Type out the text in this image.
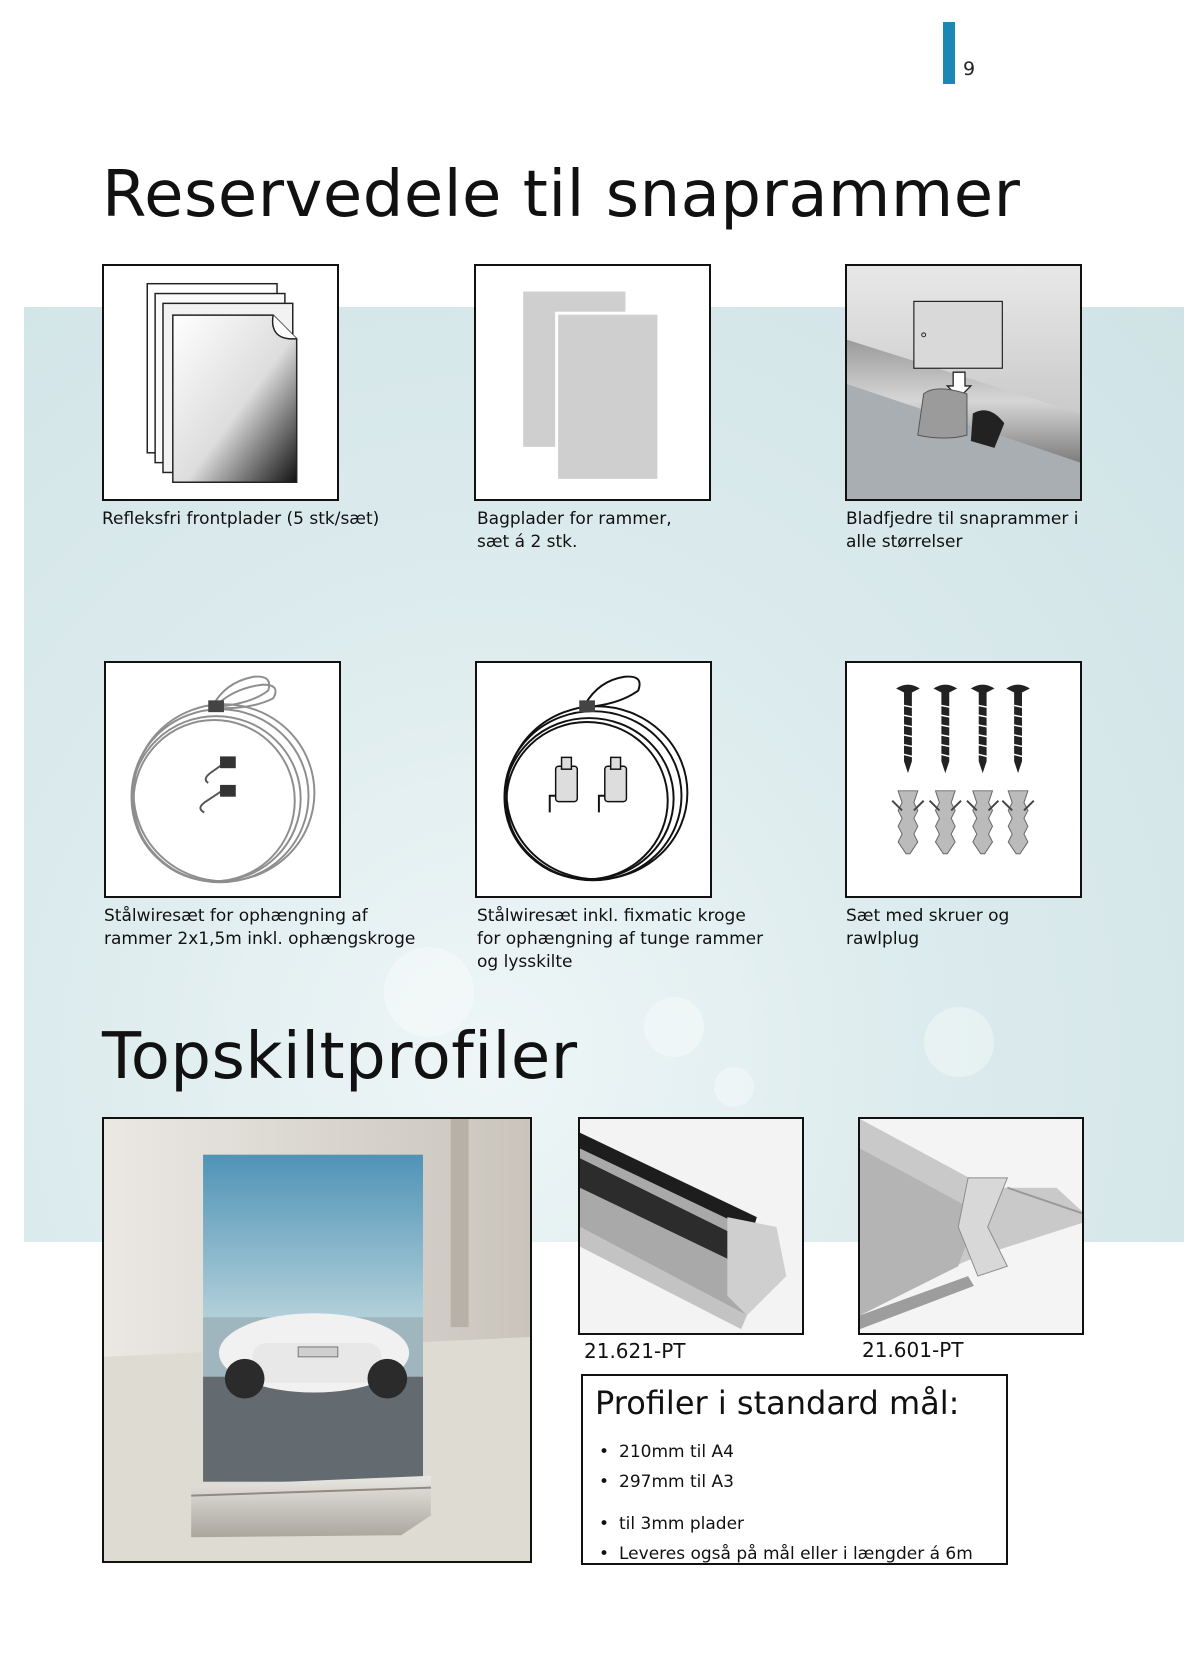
9
Reservedele til snaprammer
Refleksfri frontplader (5 stk/sæt)	Bagplader for rammer,
sæt á 2 stk.
Bladfjedre til snaprammer i
alle størrelser
Stålwiresæt for ophængning af
rammer 2x1,5m inkl. ophængskroge
Stålwiresæt inkl. fixmatic kroge
for ophængning af tunge rammer
og lysskilte
Sæt med skruer og
rawlplug
Topskiltprofiler
21.621-PT	21.601-PT
Profiler i standard mål:
210mm til A4
297mm til A3
til 3mm plader
Leveres også på mål eller i længder á 6m
